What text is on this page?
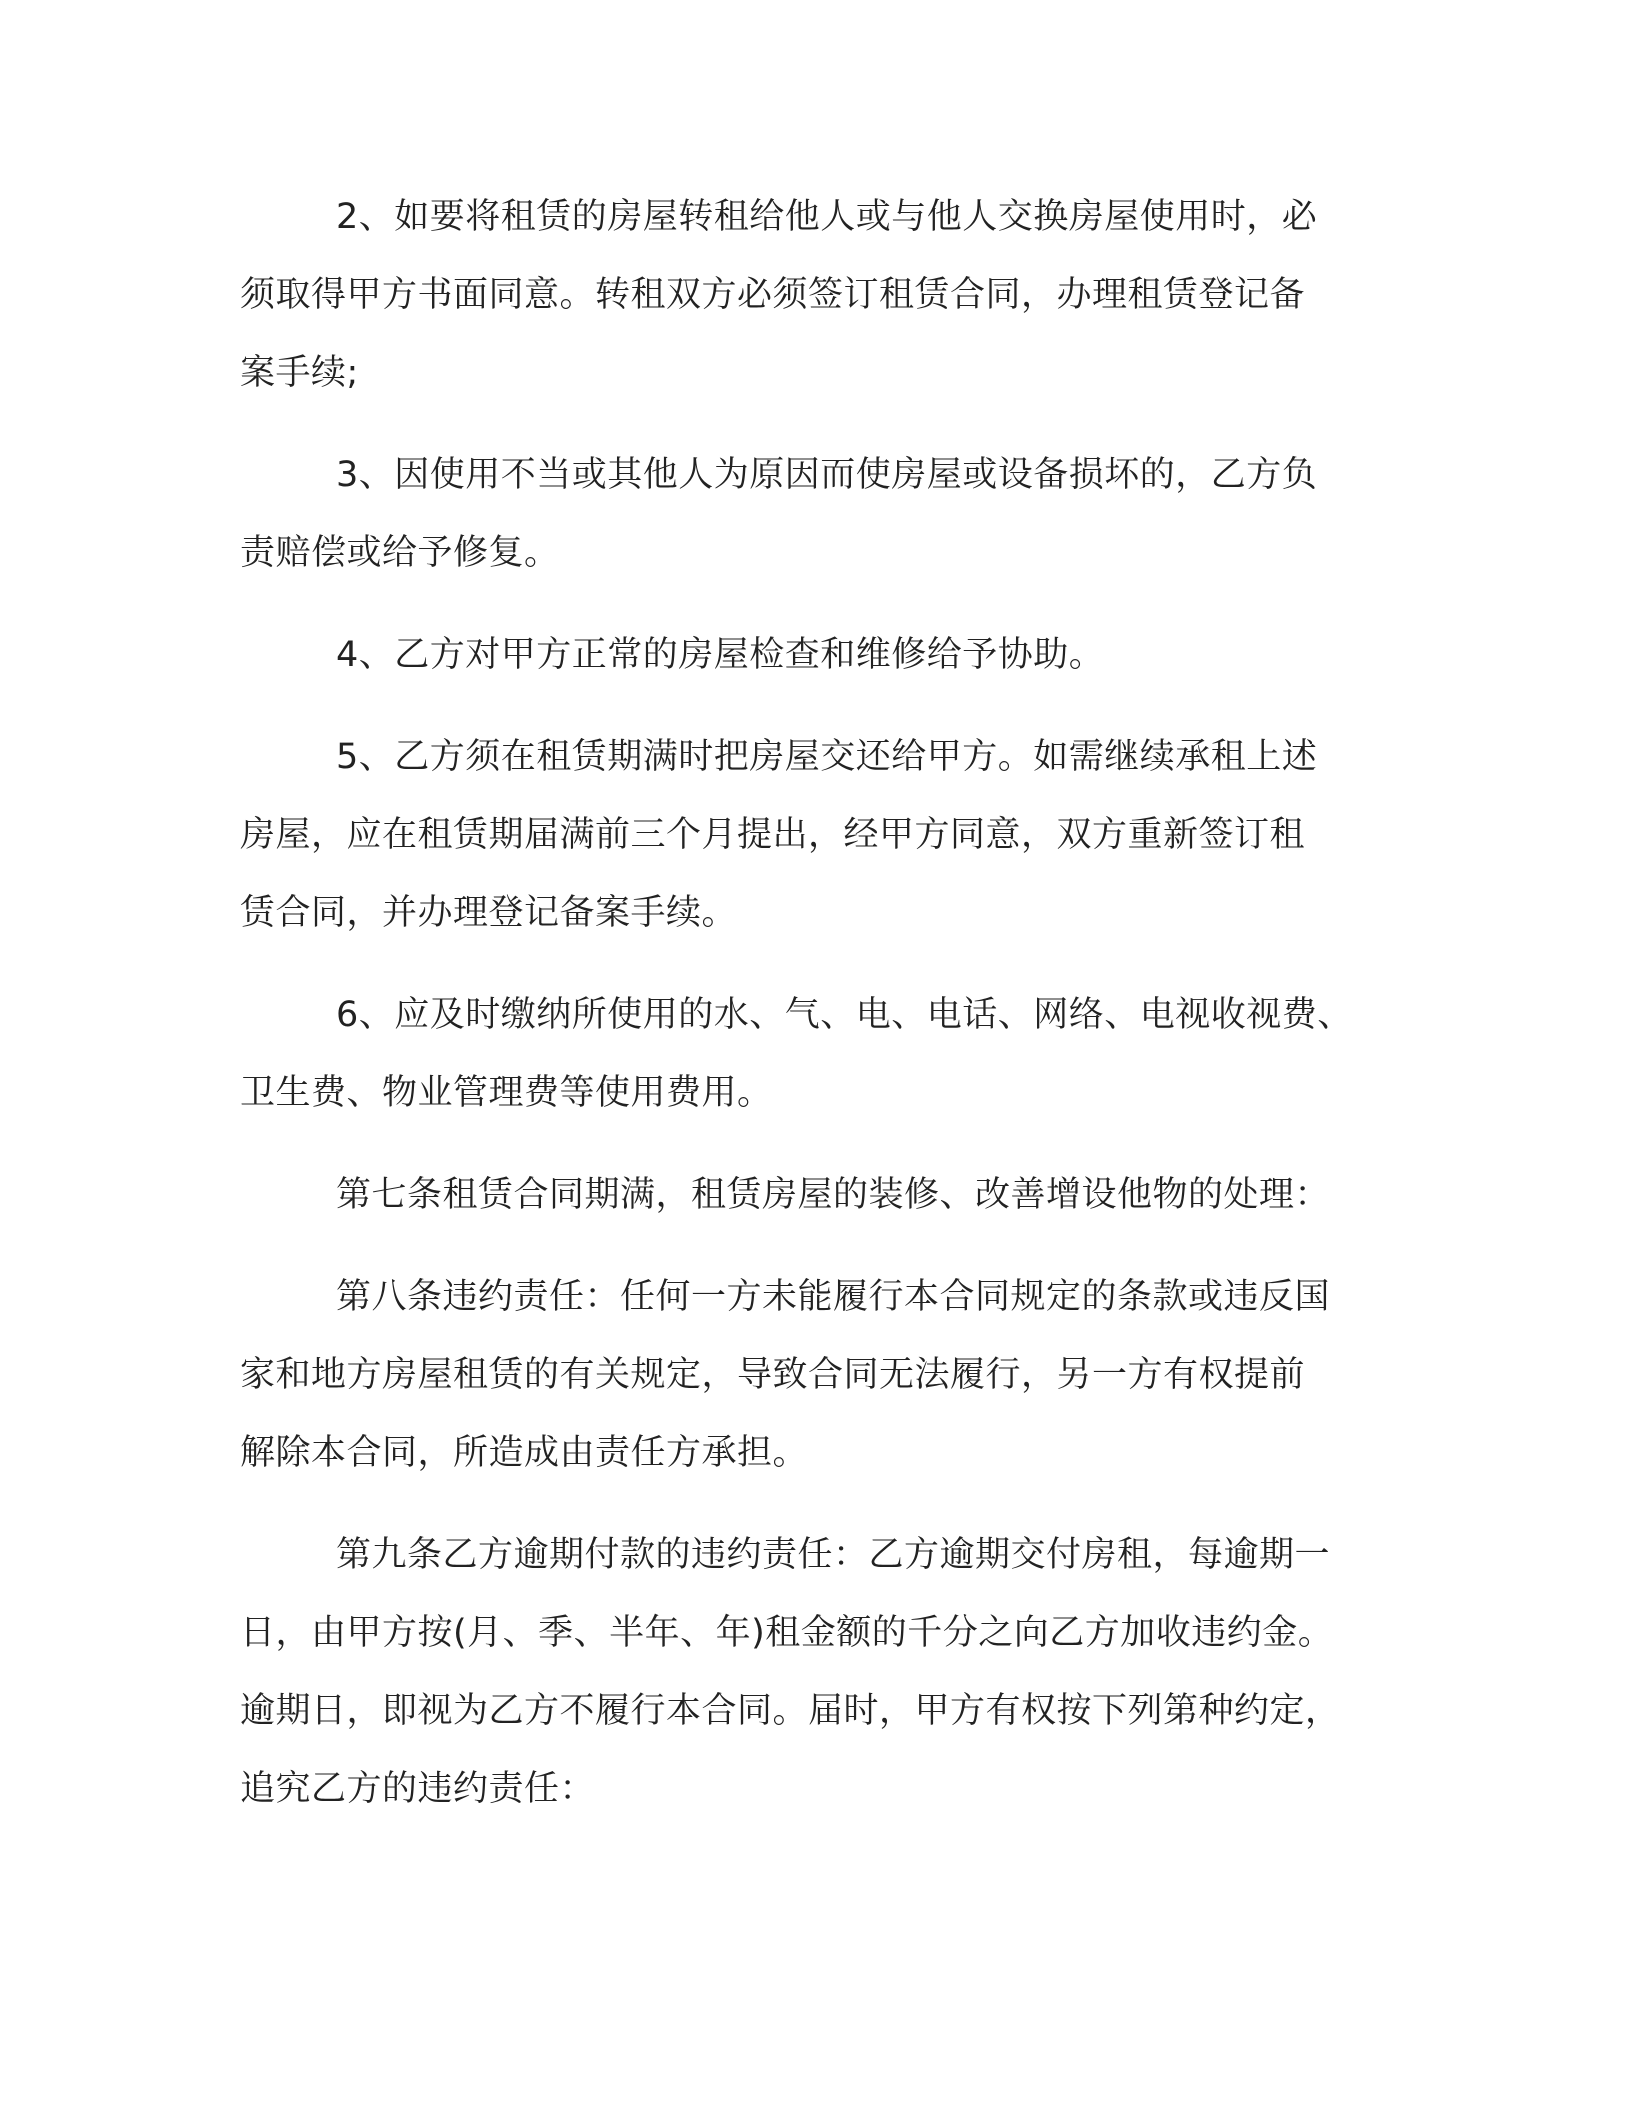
2、如要将租赁的房屋转租给他人或与他人交换房屋使用时，必
须取得甲方书面同意。转租双方必须签订租赁合同，办理租赁登记备
案手续;
3、因使用不当或其他人为原因而使房屋或设备损坏的，乙方负
责赔偿或给予修复。
4、乙方对甲方正常的房屋检查和维修给予协助。
5、乙方须在租赁期满时把房屋交还给甲方。如需继续承租上述
房屋，应在租赁期届满前三个月提出，经甲方同意，双方重新签订租
赁合同，并办理登记备案手续。
6、应及时缴纳所使用的水、气、电、电话、网络、电视收视费、
卫生费、物业管理费等使用费用。
第七条租赁合同期满，租赁房屋的装修、改善增设他物的处理：
第八条违约责任：任何一方未能履行本合同规定的条款或违反国
家和地方房屋租赁的有关规定，导致合同无法履行，另一方有权提前
解除本合同，所造成由责任方承担。
第九条乙方逾期付款的违约责任：乙方逾期交付房租，每逾期一
日，由甲方按(月、季、半年、年)租金额的千分之向乙方加收违约金。
逾期日，即视为乙方不履行本合同。届时，甲方有权按下列第种约定，
追究乙方的违约责任：
